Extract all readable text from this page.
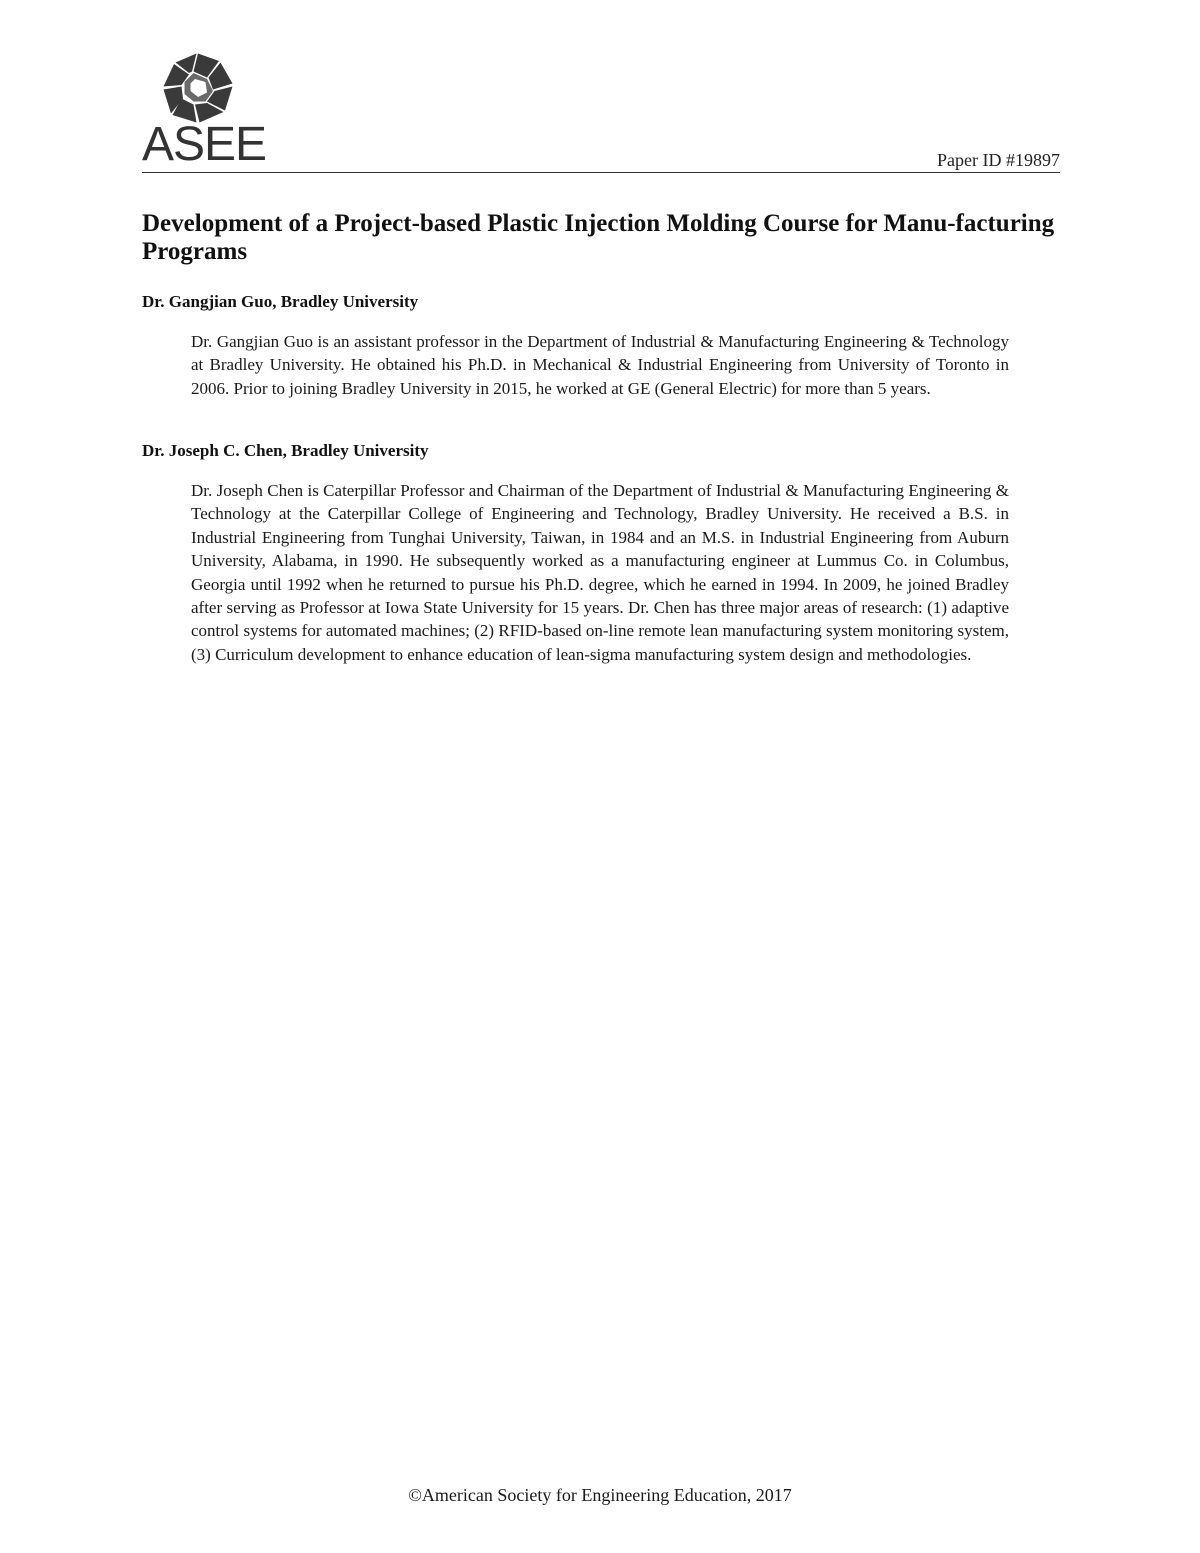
ASEE	Paper ID #19897
Development of a Project-based Plastic Injection Molding Course for Manu-facturing Programs
Dr. Gangjian Guo, Bradley University

Dr. Gangjian Guo is an assistant professor in the Department of Industrial & Manufacturing Engineering & Technology at Bradley University. He obtained his Ph.D. in Mechanical & Industrial Engineering from University of Toronto in 2006. Prior to joining Bradley University in 2015, he worked at GE (General Electric) for more than 5 years.

Dr. Joseph C. Chen, Bradley University

Dr. Joseph Chen is Caterpillar Professor and Chairman of the Department of Industrial & Manufacturing Engineering & Technology at the Caterpillar College of Engineering and Technology, Bradley University. He received a B.S. in Industrial Engineering from Tunghai University, Taiwan, in 1984 and an M.S. in Industrial Engineering from Auburn University, Alabama, in 1990. He subsequently worked as a manufacturing engineer at Lummus Co. in Columbus, Georgia until 1992 when he returned to pursue his Ph.D. degree, which he earned in 1994. In 2009, he joined Bradley after serving as Professor at Iowa State University for 15 years. Dr. Chen has three major areas of research: (1) adaptive control systems for automated machines; (2) RFID-based on-line remote lean manufacturing system monitoring system, (3) Curriculum development to enhance education of lean-sigma manufacturing system design and methodologies.

©American Society for Engineering Education, 2017
